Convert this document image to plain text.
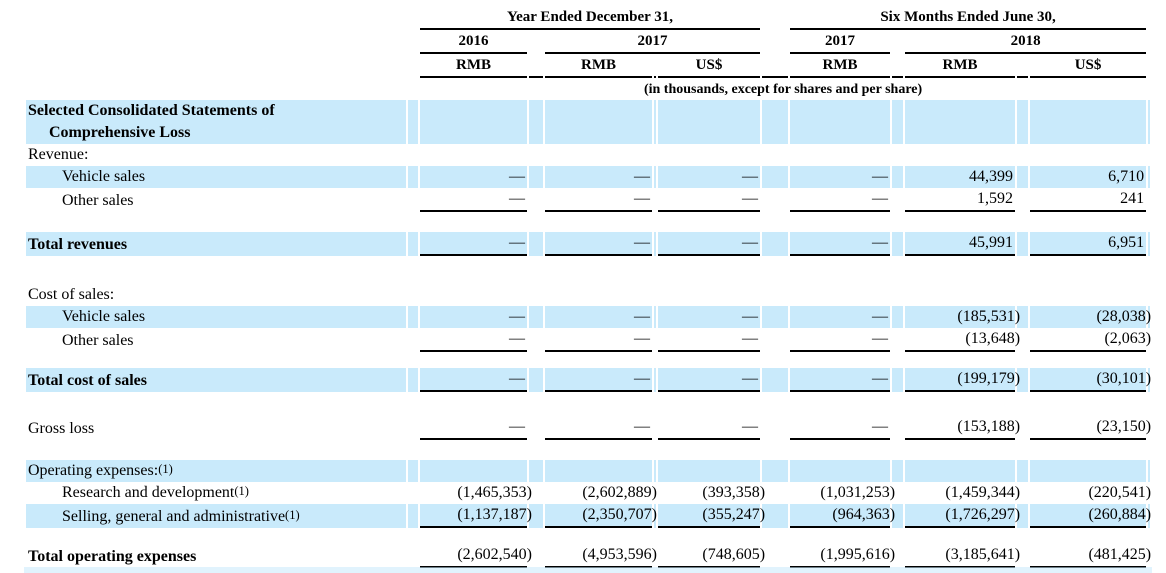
		Year Ended December 31,						Six Months Ended June 30,					
		2016		2017				2017		2018			
		RMB		RMB		US$		RMB		RMB		US$	
		(in thousands, except for shares and per share)											

Selected Consolidated Statements of Comprehensive Loss													

Revenue:													
Vehicle sales		—		—		—		—		44,399		6,710	
Other sales		—		—		—		—		1,592		241	

Total revenues		—		—		—		—		45,991		6,951	

Cost of sales:													
Vehicle sales		—		—		—		—		(185,531)		(28,038)	
Other sales		—		—		—		—		(13,648)		(2,063)	

Total cost of sales		—		—		—		—		(199,179)		(30,101)	

Gross loss		—		—		—		—		(153,188)		(23,150)	

Operating expenses:(1)													
Research and development(1)		(1,465,353)		(2,602,889)		(393,358)		(1,031,253)		(1,459,344)		(220,541)	
Selling, general and administrative(1)		(1,137,187)		(2,350,707)		(355,247)		(964,363)		(1,726,297)		(260,884)	

Total operating expenses		(2,602,540)		(4,953,596)		(748,605)		(1,995,616)		(3,185,641)		(481,425)	
